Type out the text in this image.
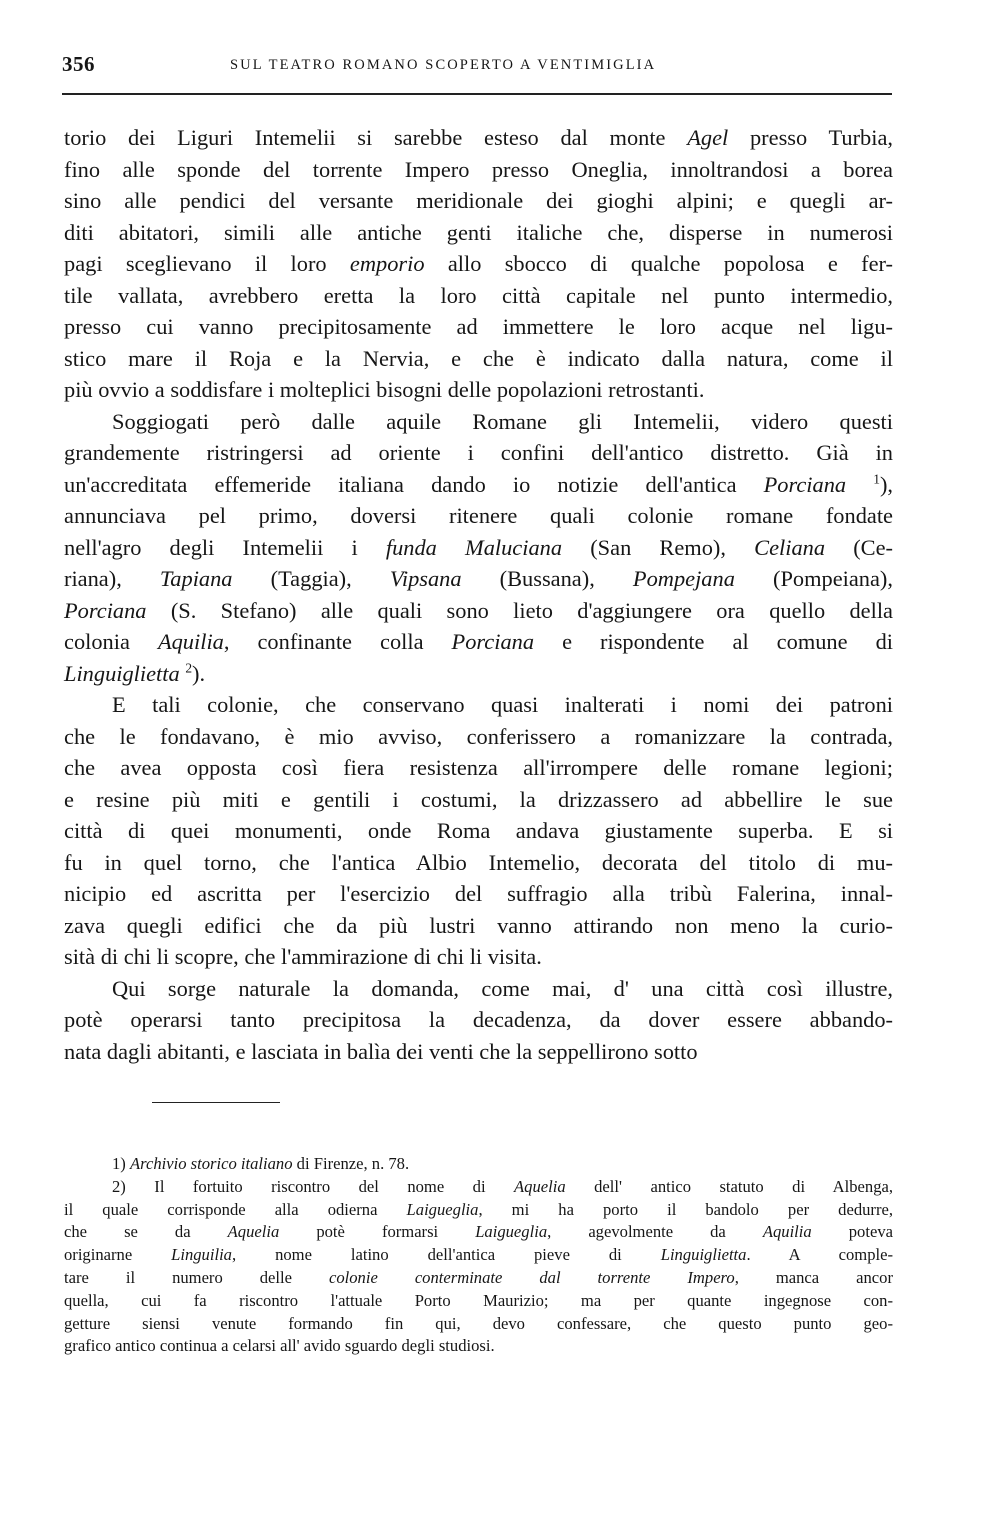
356	SUL TEATRO ROMANO SCOPERTO A VENTIMIGLIA
torio dei Liguri Intemelii si sarebbe esteso dal monte Agel presso Turbia,
fino alle sponde del torrente Impero presso Oneglia, innoltrandosi a borea
sino alle pendici del versante meridionale dei gioghi alpini; e quegli ar-
diti abitatori, simili alle antiche genti italiche che, disperse in numerosi
pagi sceglievano il loro emporio allo sbocco di qualche popolosa e fer-
tile vallata, avrebbero eretta la loro città capitale nel punto intermedio,
presso cui vanno precipitosamente ad immettere le loro acque nel ligu-
stico mare il Roja e la Nervia, e che è indicato dalla natura, come il
più ovvio a soddisfare i molteplici bisogni delle popolazioni retrostanti.
Soggiogati però dalle aquile Romane gli Intemelii, videro questi
grandemente ristringersi ad oriente i confini dell'antico distretto. Già in
un'accreditata effemeride italiana dando io notizie dell'antica Porciana $^1$),
annunciava pel primo, doversi ritenere quali colonie romane fondate
nell'agro degli Intemelii i funda Maluciana (San Remo), Celiana (Ce-
riana), Tapiana (Taggia), Vipsana (Bussana), Pompejana (Pompeiana),
Porciana (S. Stefano) alle quali sono lieto d'aggiungere ora quello della
colonia Aquilia, confinante colla Porciana e rispondente al comune di
Linguiglietta $^2$).
E tali colonie, che conservano quasi inalterati i nomi dei patroni
che le fondavano, è mio avviso, conferissero a romanizzare la contrada,
che avea opposta così fiera resistenza all'irrompere delle romane legioni;
e resine più miti e gentili i costumi, la drizzassero ad abbellire le sue
città di quei monumenti, onde Roma andava giustamente superba. E si
fu in quel torno, che l'antica Albio Intemelio, decorata del titolo di mu-
nicipio ed ascritta per l'esercizio del suffragio alla tribù Falerina, innal-
zava quegli edifici che da più lustri vanno attirando non meno la curio-
sità di chi li scopre, che l'ammirazione di chi li visita.
Qui sorge naturale la domanda, come mai, d' una città così illustre,
potè operarsi tanto precipitosa la decadenza, da dover essere abbando-
nata dagli abitanti, e lasciata in balìa dei venti che la seppellirono sotto
1) Archivio storico italiano di Firenze, n. 78.
2) Il fortuito riscontro del nome di Aquelia dell' antico statuto di Albenga,
il quale corrisponde alla odierna Laigueglia, mi ha porto il bandolo per dedurre,
che se da Aquelia potè formarsi Laigueglia, agevolmente da Aquilia poteva
originarne Linguilia, nome latino dell'antica pieve di Linguiglietta. A comple-
tare il numero delle colonie conterminate dal torrente Impero, manca ancor
quella, cui fa riscontro l'attuale Porto Maurizio; ma per quante ingegnose con-
getture siensi venute formando fin qui, devo confessare, che questo punto geo-
grafico antico continua a celarsi all' avido sguardo degli studiosi.
